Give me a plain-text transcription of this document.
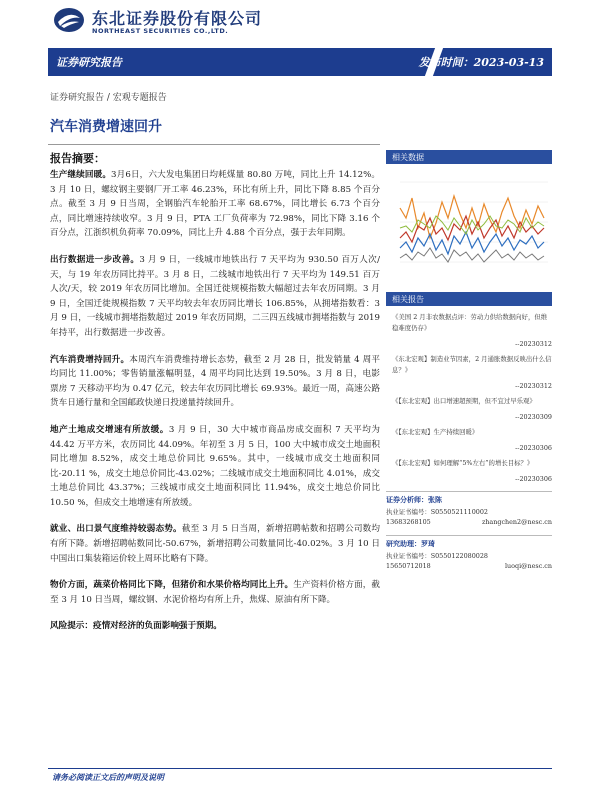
东北证券股份有限公司
NORTHEAST SECURITIES CO.,LTD.
证券研究报告	发布时间：2023-03-13
证券研究报告 / 宏观专题报告
汽车消费增速回升
报告摘要：

生产继续回暖。3月6日，六大发电集团日均耗煤量 80.80 万吨，同比上升 14.12%。3 月 10 日，螺纹钢主要钢厂开工率 46.23%，环比有所上升，同比下降 8.85 个百分点。截至 3 月 9 日当周，全钢胎汽车轮胎开工率 68.67%，同比增长 6.73 个百分点，同比增速持续收窄。3 月 9 日，PTA 工厂负荷率为 72.98%，同比下降 3.16 个百分点，江浙织机负荷率 70.09%，同比上升 4.88 个百分点，强于去年同期。

出行数据进一步改善。3 月 9 日，一线城市地铁出行 7 天平均为 930.50 百万人次/天，与 19 年农历同比持平。3 月 8 日，二线城市地铁出行 7 天平均为 149.51 百万人次/天，较 2019 年农历同比增加。全国迁徙规模指数大幅超过去年农历同期。3 月 9 日，全国迁徙规模指数 7 天平均较去年农历同比增长 106.85%，从拥堵指数看：3 月 9 日，一线城市拥堵指数超过 2019 年农历同期，二三四五线城市拥堵指数与 2019 年持平，出行数据进一步改善。

汽车消费增持回升。本周汽车消费维持增长态势，截至 2 月 28 日，批发销量 4 周平均同比 11.00%；零售销量涨幅明显，4 周平均同比达到 19.50%。3 月 8 日，电影票房 7 天移动平均为 0.47 亿元，较去年农历同比增长 69.93%。最近一周，高速公路货车日通行量和全国邮政快递日投递量持续回升。

地产土地成交增速有所放缓。3 月 9 日，30 大中城市商品房成交面积 7 天平均为 44.42 万平方米，农历同比 44.09%。年初至 3 月 5 日，100 大中城市成交土地面积同比增加 8.52%，成交土地总价同比 9.65%。其中，一线城市成交土地面积同比-20.11 %，成交土地总价同比-43.02%；二线城市成交土地面积同比 4.01%，成交土地总价同比 43.37%；三线城市成交土地面积同比 11.94%，成交土地总价同比 10.50 %，但成交土地增速有所放缓。

就业、出口景气度维持较弱态势。截至 3 月 5 日当周，新增招聘帖数和招聘公司数均有所下降。新增招聘帖数同比-50.67%，新增招聘公司数量同比-40.02%。3 月 10 日中国出口集装箱运价较上周环比略有下降。

物价方面，蔬菜价格同比下降，但猪价和水果价格均同比上升。生产资料价格方面，截至 3 月 10 日当周，螺纹钢、水泥价格均有所上升，焦煤、原油有所下降。

风险提示：疫情对经济的负面影响强于预期。

相关数据
相关报告
《美国 2 月非农数据点评：劳动力供给数据向好，但维稳难度仍存》
--20230312
《东北宏观】制造业节因素，2 月通胀数据反映出什么信息？》
--20230312
《【东北宏观】出口增速超预期，但不宜过早乐观》
--20230309
《【东北宏观】生产持续回暖》
--20230306
《【东北宏观】如何理解“5%左右”的增长目标？》
--20230306
证券分析师：张陈
执业证书编号：S0550521110002
13683268105	zhangchen2@nesc.cn
研究助理：罗琦
执业证书编号：S0550122080028
15650712018	luoqi@nesc.cn
请务必阅读正文后的声明及说明
